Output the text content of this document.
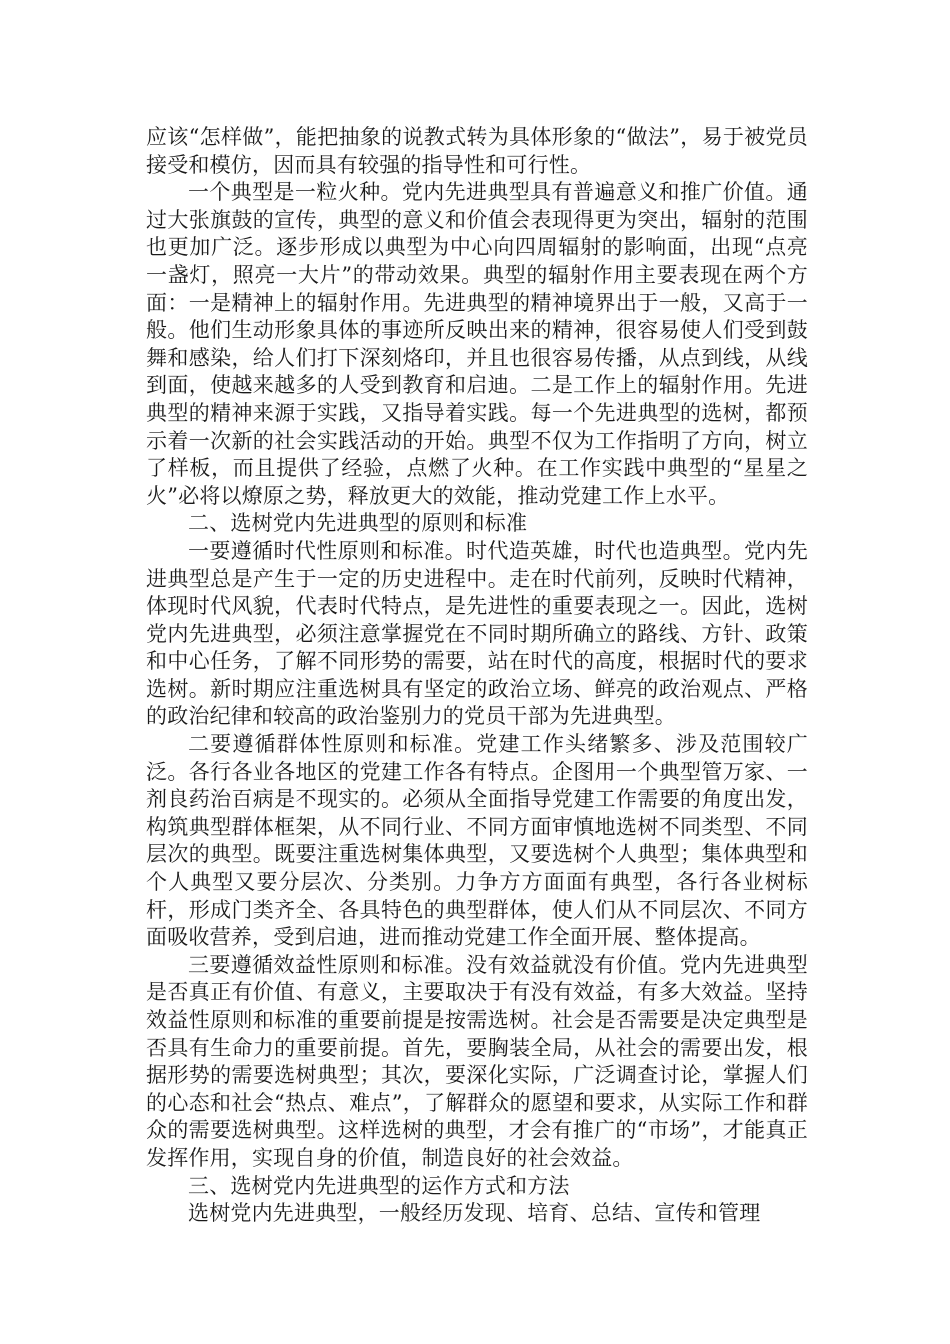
应该“怎样做”，能把抽象的说教式转为具体形象的“做法”，易于被党员接受和模仿，因而具有较强的指导性和可行性。

一个典型是一粒火种。党内先进典型具有普遍意义和推广价值。通过大张旗鼓的宣传，典型的意义和价值会表现得更为突出，辐射的范围也更加广泛。逐步形成以典型为中心向四周辐射的影响面，出现“点亮一盏灯，照亮一大片”的带动效果。典型的辐射作用主要表现在两个方面：一是精神上的辐射作用。先进典型的精神境界出于一般，又高于一般。他们生动形象具体的事迹所反映出来的精神，很容易使人们受到鼓舞和感染，给人们打下深刻烙印，并且也很容易传播，从点到线，从线到面，使越来越多的人受到教育和启迪。二是工作上的辐射作用。先进典型的精神来源于实践，又指导着实践。每一个先进典型的选树，都预示着一次新的社会实践活动的开始。典型不仅为工作指明了方向，树立了样板，而且提供了经验，点燃了火种。在工作实践中典型的“星星之火”必将以燎原之势，释放更大的效能，推动党建工作上水平。

二、选树党内先进典型的原则和标准

一要遵循时代性原则和标准。时代造英雄，时代也造典型。党内先进典型总是产生于一定的历史进程中。走在时代前列，反映时代精神，体现时代风貌，代表时代特点，是先进性的重要表现之一。因此，选树党内先进典型，必须注意掌握党在不同时期所确立的路线、方针、政策和中心任务，了解不同形势的需要，站在时代的高度，根据时代的要求选树。新时期应注重选树具有坚定的政治立场、鲜亮的政治观点、严格的政治纪律和较高的政治鉴别力的党员干部为先进典型。

二要遵循群体性原则和标准。党建工作头绪繁多、涉及范围较广泛。各行各业各地区的党建工作各有特点。企图用一个典型管万家、一剂良药治百病是不现实的。必须从全面指导党建工作需要的角度出发，构筑典型群体框架，从不同行业、不同方面审慎地选树不同类型、不同层次的典型。既要注重选树集体典型，又要选树个人典型；集体典型和个人典型又要分层次、分类别。力争方方面面有典型，各行各业树标杆，形成门类齐全、各具特色的典型群体，使人们从不同层次、不同方面吸收营养，受到启迪，进而推动党建工作全面开展、整体提高。

三要遵循效益性原则和标准。没有效益就没有价值。党内先进典型是否真正有价值、有意义，主要取决于有没有效益，有多大效益。坚持效益性原则和标准的重要前提是按需选树。社会是否需要是决定典型是否具有生命力的重要前提。首先，要胸装全局，从社会的需要出发，根据形势的需要选树典型；其次，要深化实际，广泛调查讨论，掌握人们的心态和社会“热点、难点”，了解群众的愿望和要求，从实际工作和群众的需要选树典型。这样选树的典型，才会有推广的“市场”，才能真正发挥作用，实现自身的价值，制造良好的社会效益。

三、选树党内先进典型的运作方式和方法

选树党内先进典型，一般经历发现、培育、总结、宣传和管理
